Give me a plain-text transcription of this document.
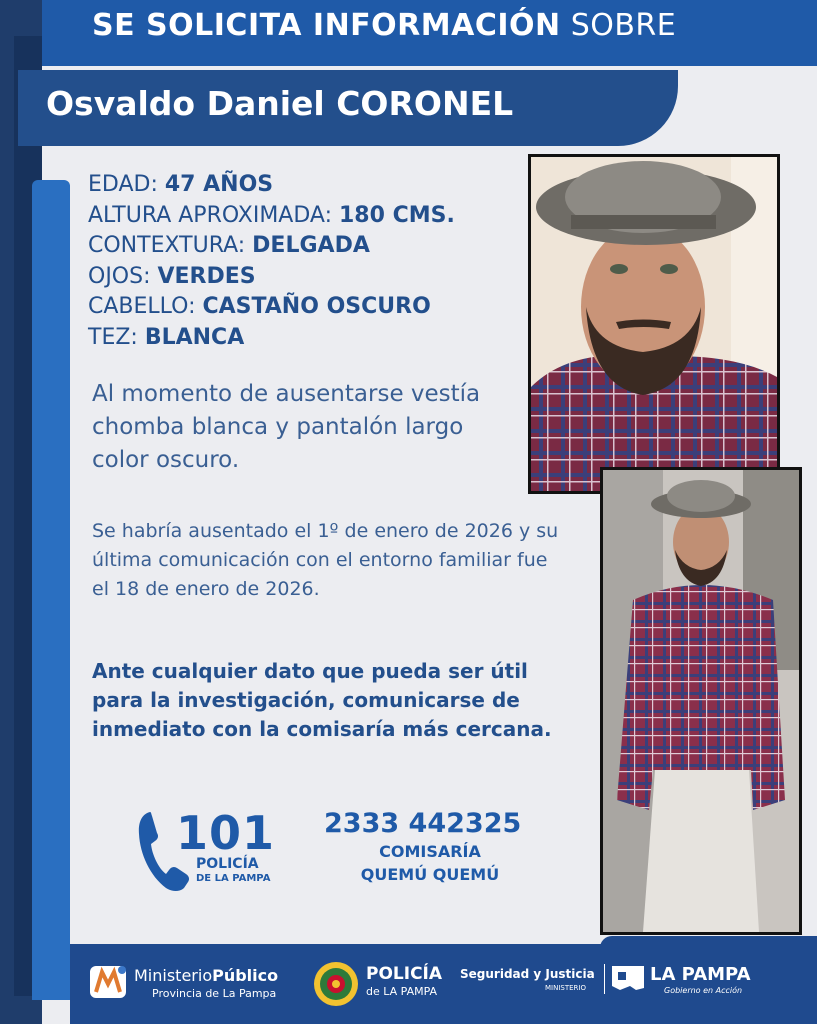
SE SOLICITA INFORMACIÓN SOBRE
Osvaldo Daniel CORONEL
EDAD: 47 AÑOS
ALTURA APROXIMADA: 180 CMS.
CONTEXTURA: DELGADA
OJOS: VERDES
CABELLO: CASTAÑO OSCURO
TEZ: BLANCA
Al momento de ausentarse vestía chomba blanca y pantalón largo color oscuro.
Se habría ausentado el 1º de enero de 2026 y su última comunicación con el entorno familiar fue el 18 de enero de 2026.
Ante cualquier dato que pueda ser útil para la investigación, comunicarse de inmediato con la comisaría más cercana.
101
POLICÍA
DE LA PAMPA
2333 442325
COMISARÍA
QUEMÚ QUEMÚ
MinisterioPúblico
Provincia de La Pampa
POLICÍA
de LA PAMPA
Seguridad y Justicia
MINISTERIO
LA PAMPA
Gobierno en Acción
